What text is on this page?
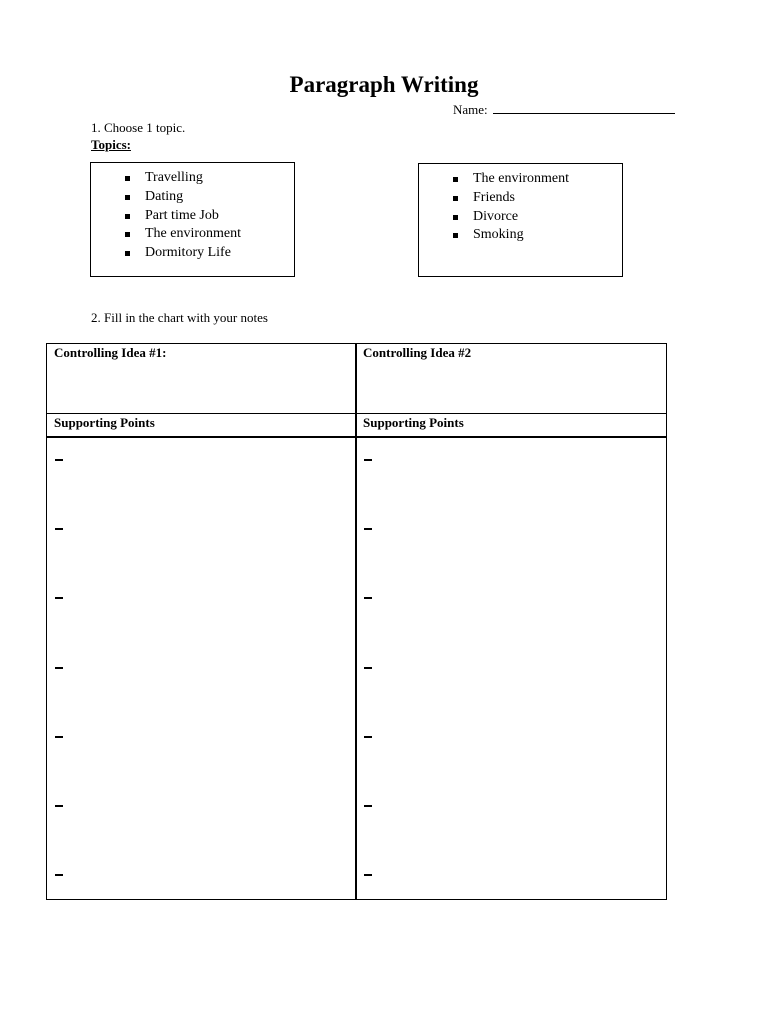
Paragraph Writing
Name:
1. Choose 1 topic.
Topics:
Travelling
Dating
Part time Job
The environment
Dormitory Life
The environment
Friends
Divorce
Smoking
2. Fill in the chart with your notes
Controlling Idea #1:	Controlling Idea #2
Supporting Points	Supporting Points
